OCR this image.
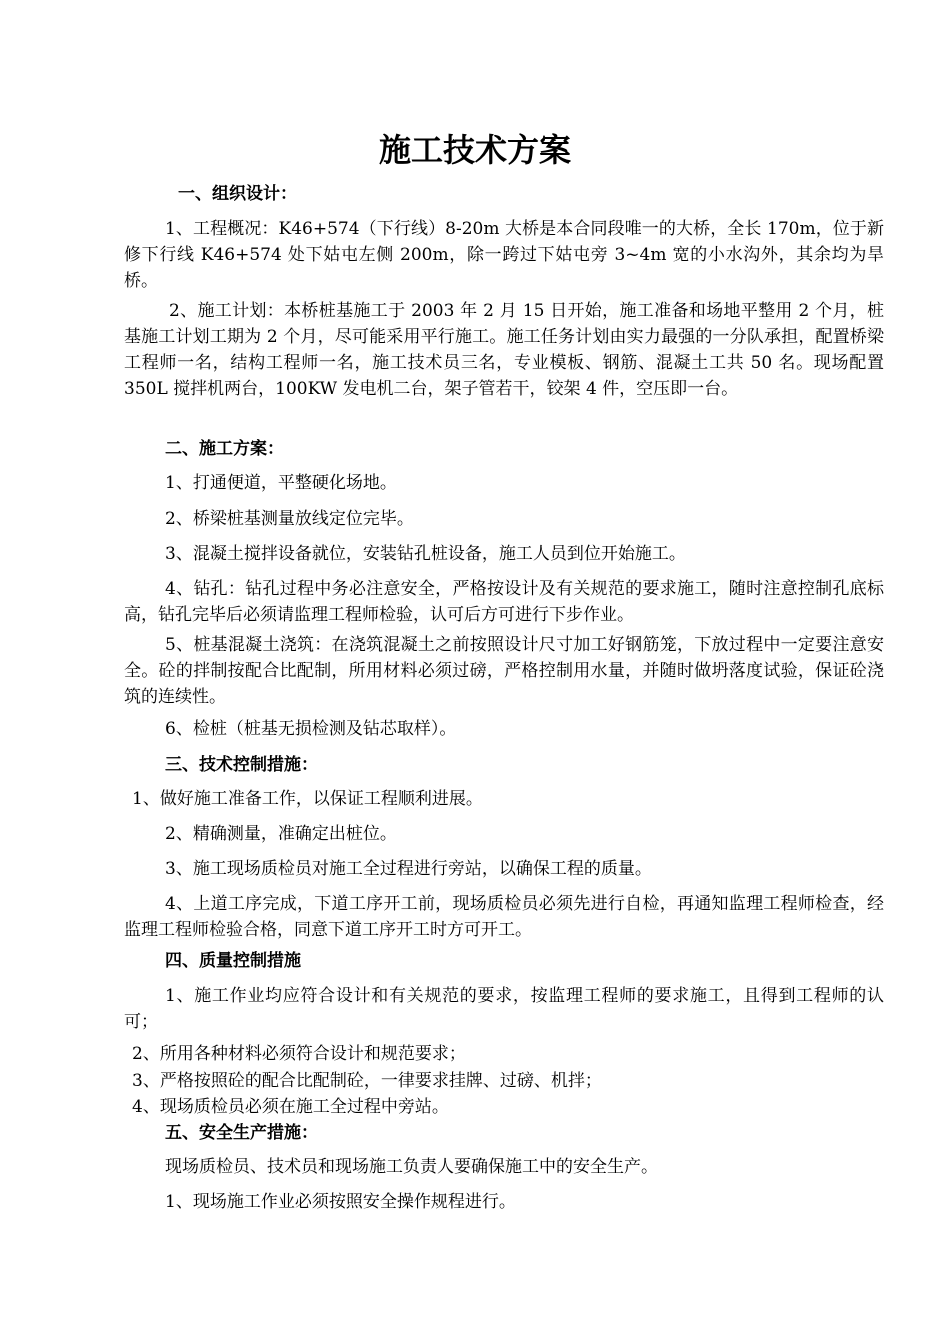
施工技术方案
一、组织设计：

1、工程概况：K46+574（下行线）8-20m 大桥是本合同段唯一的大桥，全长 170m，位于新修下行线 K46+574 处下姑屯左侧 200m，除一跨过下姑屯旁 3~4m 宽的小水沟外，其余均为旱桥。

2、施工计划：本桥桩基施工于 2003 年 2 月 15 日开始，施工准备和场地平整用 2 个月，桩基施工计划工期为 2 个月，尽可能采用平行施工。施工任务计划由实力最强的一分队承担，配置桥梁工程师一名，结构工程师一名，施工技术员三名，专业模板、钢筋、混凝土工共 50 名。现场配置 350L 搅拌机两台，100KW 发电机二台，架子管若干，铰架 4 件，空压即一台。

二、施工方案：

1、打通便道，平整硬化场地。

2、桥梁桩基测量放线定位完毕。

3、混凝土搅拌设备就位，安装钻孔桩设备，施工人员到位开始施工。

4、钻孔：钻孔过程中务必注意安全，严格按设计及有关规范的要求施工，随时注意控制孔底标高，钻孔完毕后必须请监理工程师检验，认可后方可进行下步作业。

5、桩基混凝土浇筑：在浇筑混凝土之前按照设计尺寸加工好钢筋笼，下放过程中一定要注意安全。砼的拌制按配合比配制，所用材料必须过磅，严格控制用水量，并随时做坍落度试验，保证砼浇筑的连续性。

6、检桩（桩基无损检测及钻芯取样）。

三、技术控制措施：

1、做好施工准备工作，以保证工程顺利进展。

2、精确测量，准确定出桩位。

3、施工现场质检员对施工全过程进行旁站，以确保工程的质量。

4、上道工序完成，下道工序开工前，现场质检员必须先进行自检，再通知监理工程师检查，经监理工程师检验合格，同意下道工序开工时方可开工。

四、质量控制措施

1、施工作业均应符合设计和有关规范的要求，按监理工程师的要求施工，且得到工程师的认可；

2、所用各种材料必须符合设计和规范要求；

3、严格按照砼的配合比配制砼，一律要求挂牌、过磅、机拌；

4、现场质检员必须在施工全过程中旁站。

五、安全生产措施：

现场质检员、技术员和现场施工负责人要确保施工中的安全生产。

1、现场施工作业必须按照安全操作规程进行。
